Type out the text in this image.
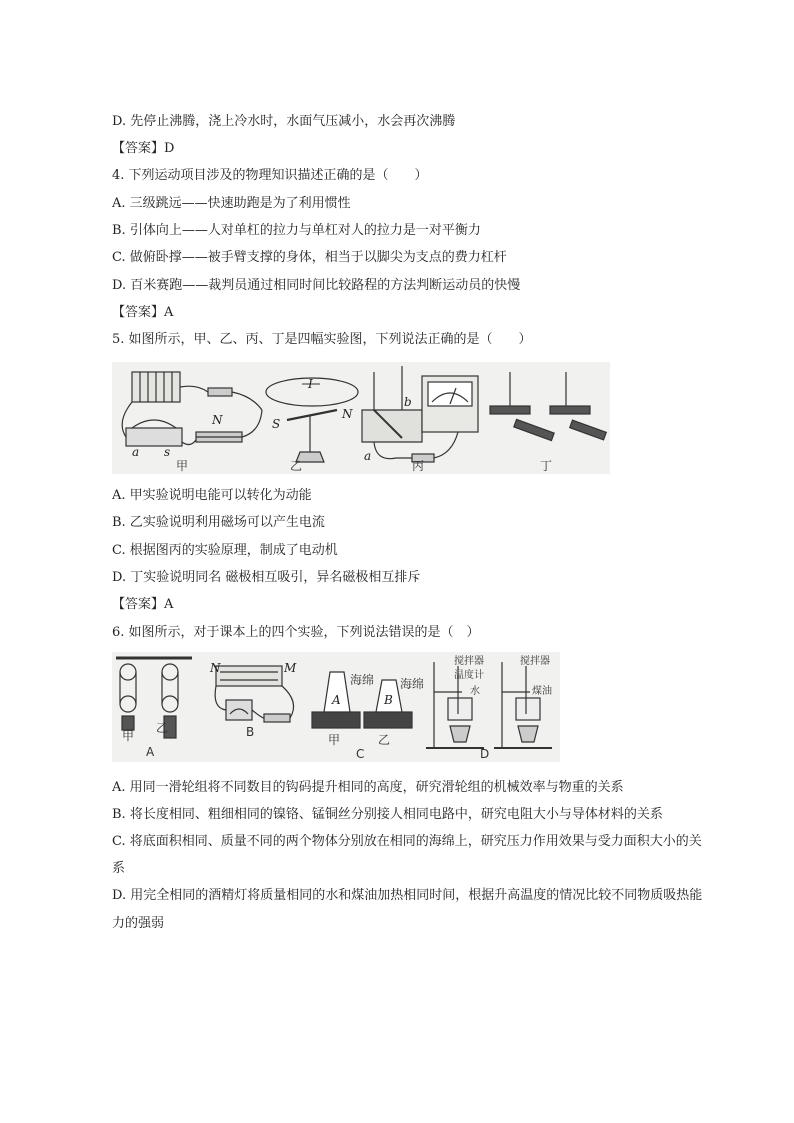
D. 先停止沸腾，浇上冷水时，水面气压减小，水会再次沸腾
【答案】D
4. 下列运动项目涉及的物理知识描述正确的是（　　）
A. 三级跳远——快速助跑是为了利用惯性
B. 引体向上——人对单杠的拉力与单杠对人的拉力是一对平衡力
C. 做俯卧撑——被手臂支撑的身体，相当于以脚尖为支点的费力杠杆
D. 百米赛跑——裁判员通过相同时间比较路程的方法判断运动员的快慢
【答案】A
5. 如图所示，甲、乙、丙、丁是四幅实验图，下列说法正确的是（　　）
N
a s
I
S
N
b
a
甲	乙	丙	丁
A. 甲实验说明电能可以转化为动能
B. 乙实验说明利用磁场可以产生电流
C. 根据图丙的实验原理，制成了电动机
D. 丁实验说明同名 磁极相互吸引，异名磁极相互排斥
【答案】A
6. 如图所示，对于课本上的四个实验，下列说法错误的是（　）
甲
乙
A
N	M
B
A
海绵
B
海绵
甲	乙
C
搅拌器	搅拌器
温度计
水	煤油
D
A. 用同一滑轮组将不同数目的钩码提升相同的高度，研究滑轮组的机械效率与物重的关系
B. 将长度相同、粗细相同的镍铬、锰铜丝分别接人相同电路中，研究电阻大小与导体材料的关系
C. 将底面积相同、质量不同的两个物体分别放在相同的海绵上，研究压力作用效果与受力面积大小的关
系
D. 用完全相同的酒精灯将质量相同的水和煤油加热相同时间，根据升高温度的情况比较不同物质吸热能
力的强弱
